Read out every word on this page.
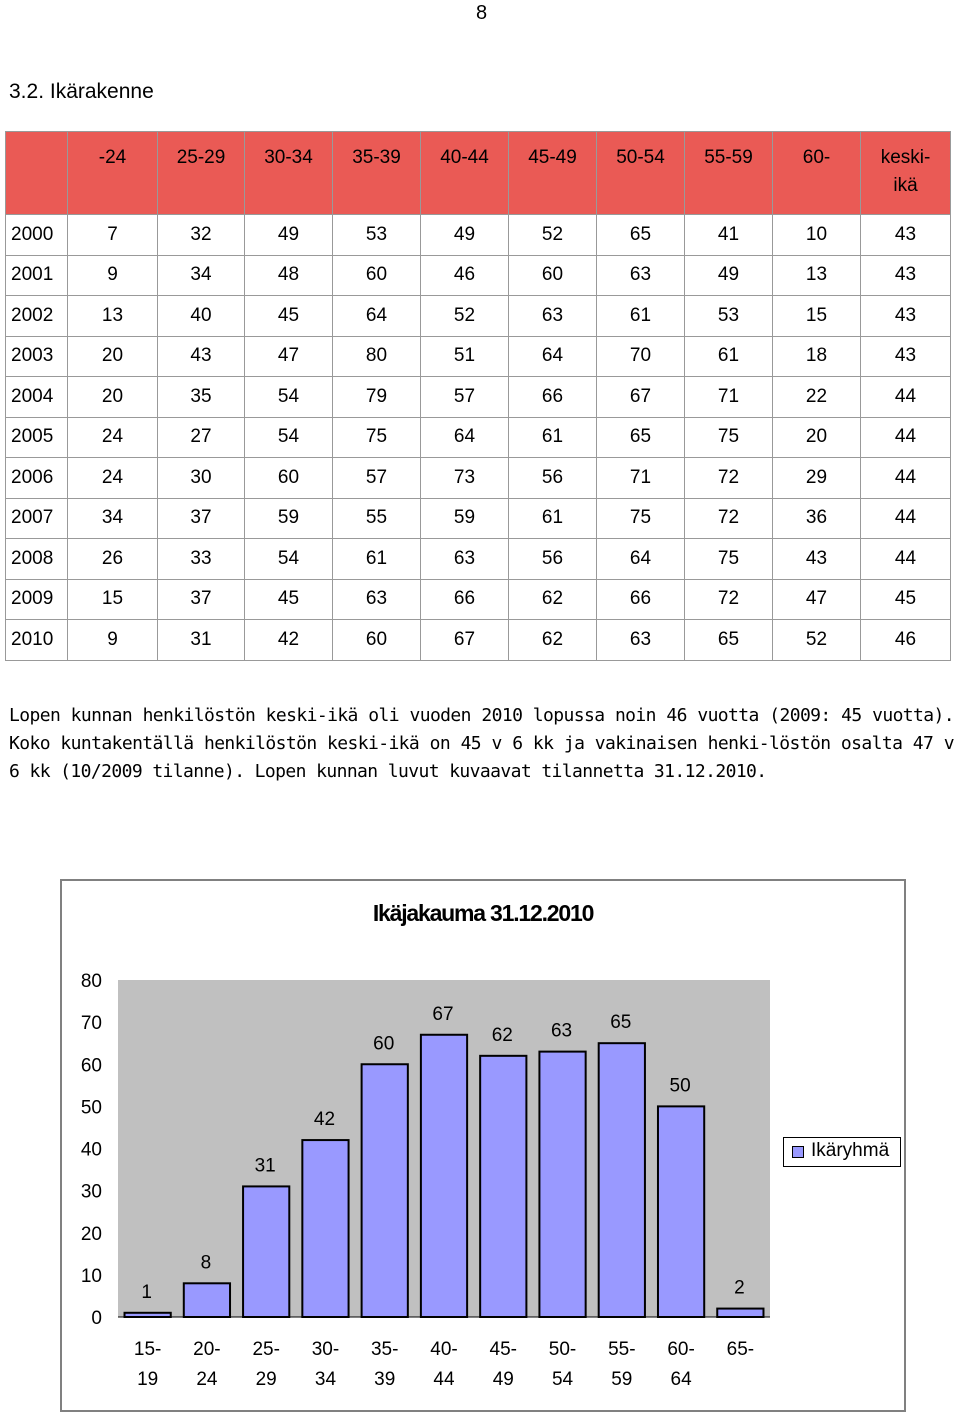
8
3.2. Ikärakenne
	-24	25-29	30-34	35-39	40-44	45-49	50-54	55-59	60-	keski-
ikä
2000	7	32	49	53	49	52	65	41	10	43
2001	9	34	48	60	46	60	63	49	13	43
2002	13	40	45	64	52	63	61	53	15	43
2003	20	43	47	80	51	64	70	61	18	43
2004	20	35	54	79	57	66	67	71	22	44
2005	24	27	54	75	64	61	65	75	20	44
2006	24	30	60	57	73	56	71	72	29	44
2007	34	37	59	55	59	61	75	72	36	44
2008	26	33	54	61	63	56	64	75	43	44
2009	15	37	45	63	66	62	66	72	47	45
2010	9	31	42	60	67	62	63	65	52	46
Lopen kunnan henkilöstön keski-ikä oli vuoden 2010 lopussa noin 46 vuotta (2009: 45 vuotta). Koko kuntakentällä henkilöstön keski-ikä on 45 v 6 kk ja vakinaisen henki-löstön osalta 47 v 6 kk (10/2009 tilanne). Lopen kunnan luvut kuvaavat tilannetta 31.12.2010.
Ikäjakauma 31.12.2010
0
10
20
30
40
50
60
70
80
1
15-
19
8
20-
24
31
25-
29
42
30-
34
60
35-
39
67
40-
44
62
45-
49
63
50-
54
65
55-
59
50
60-
64
2
65-
Ikäryhmä
